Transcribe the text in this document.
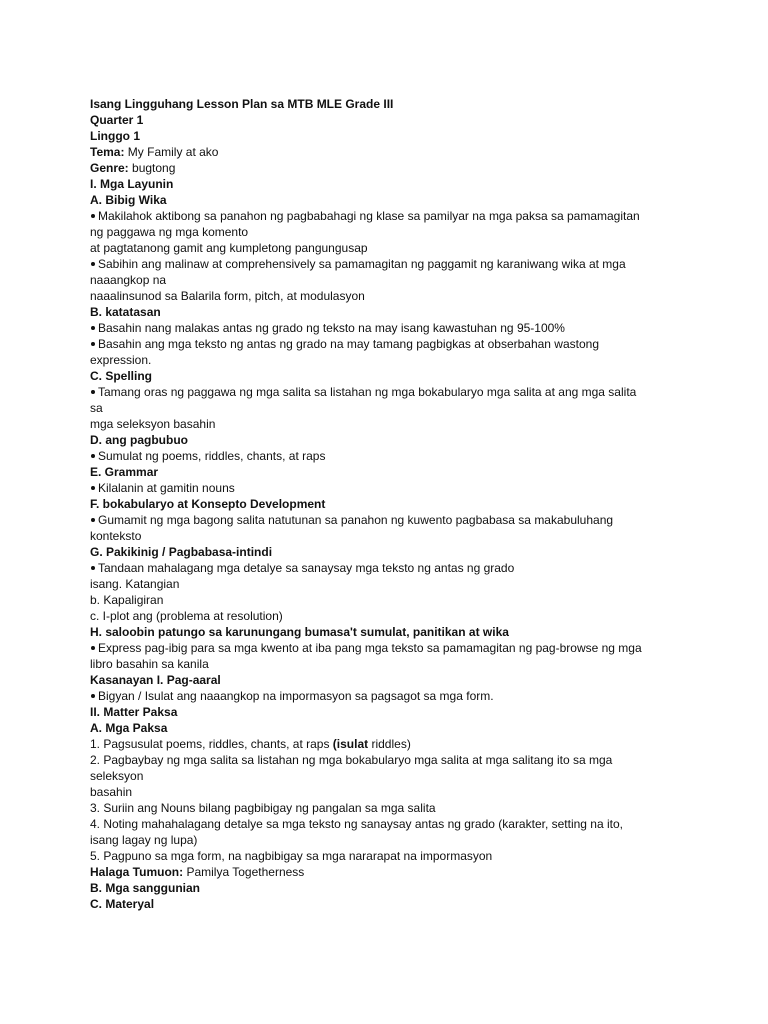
Isang Lingguhang Lesson Plan sa MTB MLE Grade III

Quarter 1

Linggo 1

Tema: My Family at ako

Genre: bugtong

I. Mga Layunin

A. Bibig Wika

Makilahok aktibong sa panahon ng pagbabahagi ng klase sa pamilyar na mga paksa sa pamamagitan

ng paggawa ng mga komento

at pagtatanong gamit ang kumpletong pangungusap

Sabihin ang malinaw at comprehensively sa pamamagitan ng paggamit ng karaniwang wika at mga

naaangkop na

naaalinsunod sa Balarila form, pitch, at modulasyon

B. katatasan

Basahin nang malakas antas ng grado ng teksto na may isang kawastuhan ng 95-100%

Basahin ang mga teksto ng antas ng grado na may tamang pagbigkas at obserbahan wastong

expression.

C. Spelling

Tamang oras ng paggawa ng mga salita sa listahan ng mga bokabularyo mga salita at ang mga salita

sa

mga seleksyon basahin

D. ang pagbubuo

Sumulat ng poems, riddles, chants, at raps

E. Grammar

Kilalanin at gamitin nouns

F. bokabularyo at Konsepto Development

Gumamit ng mga bagong salita natutunan sa panahon ng kuwento pagbabasa sa makabuluhang

konteksto

G. Pakikinig / Pagbabasa-intindi

Tandaan mahalagang mga detalye sa sanaysay mga teksto ng antas ng grado

isang. Katangian

b. Kapaligiran

c. I-plot ang (problema at resolution)

H. saloobin patungo sa karunungang bumasa't sumulat, panitikan at wika

Express pag-ibig para sa mga kwento at iba pang mga teksto sa pamamagitan ng pag-browse ng mga

libro basahin sa kanila

Kasanayan I. Pag-aaral

Bigyan / Isulat ang naaangkop na impormasyon sa pagsagot sa mga form.

II. Matter Paksa

A. Mga Paksa

1. Pagsusulat poems, riddles, chants, at raps (isulat riddles)

2. Pagbaybay ng mga salita sa listahan ng mga bokabularyo mga salita at mga salitang ito sa mga

seleksyon

basahin

3. Suriin ang Nouns bilang pagbibigay ng pangalan sa mga salita

4. Noting mahahalagang detalye sa mga teksto ng sanaysay antas ng grado (karakter, setting na ito,

isang lagay ng lupa)

5. Pagpuno sa mga form, na nagbibigay sa mga nararapat na impormasyon

Halaga Tumuon: Pamilya Togetherness

B. Mga sanggunian

C. Materyal
